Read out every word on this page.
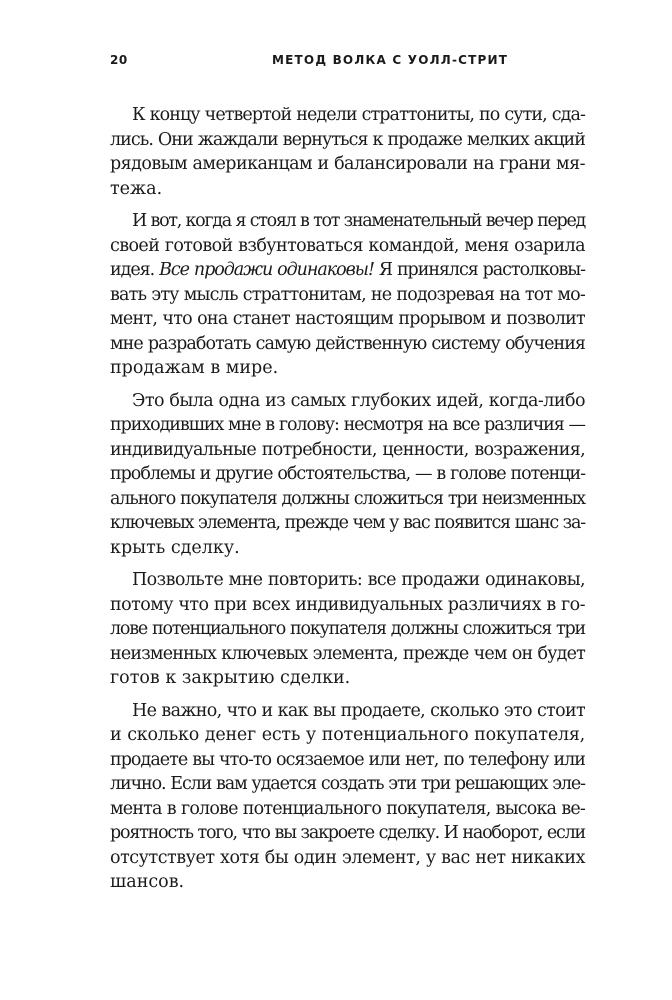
20	МЕТОД ВОЛКА С УОЛЛ-СТРИТ
К концу четвертой недели страттониты, по сути, сда-
лись. Они жаждали вернуться к продаже мелких акций
рядовым американцам и балансировали на грани мя-
тежа.
И вот, когда я стоял в тот знаменательный вечер перед
своей готовой взбунтоваться командой, меня озарила
идея. Все продажи одинаковы! Я принялся растолковы-
вать эту мысль страттонитам, не подозревая на тот мо-
мент, что она станет настоящим прорывом и позволит
мне разработать самую действенную систему обучения
продажам в мире.
Это была одна из самых глубоких идей, когда-либо
приходивших мне в голову: несмотря на все различия —
индивидуальные потребности, ценности, возражения,
проблемы и другие обстоятельства, — в голове потенци-
ального покупателя должны сложиться три неизменных
ключевых элемента, прежде чем у вас появится шанс за-
крыть сделку.
Позвольте мне повторить: все продажи одинаковы,
потому что при всех индивидуальных различиях в го-
лове потенциального покупателя должны сложиться три
неизменных ключевых элемента, прежде чем он будет
готов к закрытию сделки.
Не важно, что и как вы продаете, сколько это стоит
и сколько денег есть у потенциального покупателя,
продаете вы что-то осязаемое или нет, по телефону или
лично. Если вам удается создать эти три решающих эле-
мента в голове потенциального покупателя, высока ве-
роятность того, что вы закроете сделку. И наоборот, если
отсутствует хотя бы один элемент, у вас нет никаких
шансов.
